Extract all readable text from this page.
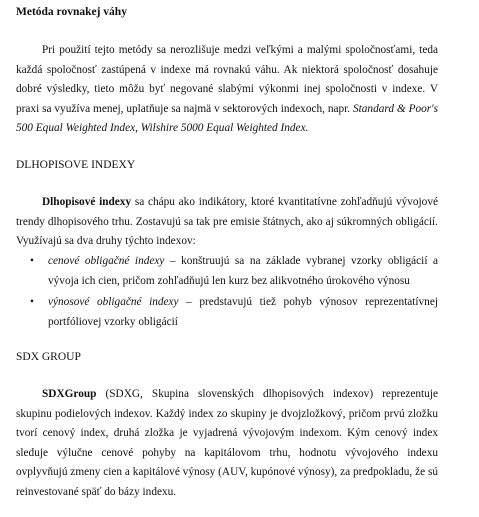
Metóda rovnakej váhy

Pri použití tejto metódy sa nerozlišuje medzi veľkými a malými spoločnosťami, teda každá spoločnosť zastúpená v indexe má rovnakú váhu. Ak niektorá spoločnosť dosahuje dobré výsledky, tieto môžu byť negované slabými výkonmi inej spoločnosti v indexe. V praxi sa využíva menej, uplatňuje sa najmä v sektorových indexoch, napr. Standard & Poor's 500 Equal Weighted Index, Wilshire 5000 Equal Weighted Index.

DLHOPISOVE INDEXY

Dlhopisové indexy sa chápu ako indikátory, ktoré kvantitatívne zohľadňujú vývojové trendy dlhopisového trhu. Zostavujú sa tak pre emisie štátnych, ako aj súkromných obligácií. Využívajú sa dva druhy týchto indexov:

•	cenové obligačné indexy – konštruujú sa na základe vybranej vzorky obligácií a vývoja ich cien, pričom zohľadňujú len kurz bez alikvotného úrokového výnosu
•	výnosové obligačné indexy – predstavujú tiež pohyb výnosov reprezentatívnej portfóliovej vzorky obligácií
SDX GROUP

SDXGroup (SDXG, Skupina slovenských dlhopisových indexov) reprezentuje skupinu podielových indexov. Každý index zo skupiny je dvojzložkový, pričom prvú zložku tvorí cenový index, druhá zložka je vyjadrená vývojovým indexom. Kým cenový index sleduje výlučne cenové pohyby na kapitálovom trhu, hodnotu vývojového indexu ovplyvňujú zmeny cien a kapitálové výnosy (AUV, kupónové výnosy), za predpokladu, že sú reinvestované späť do bázy indexu.
